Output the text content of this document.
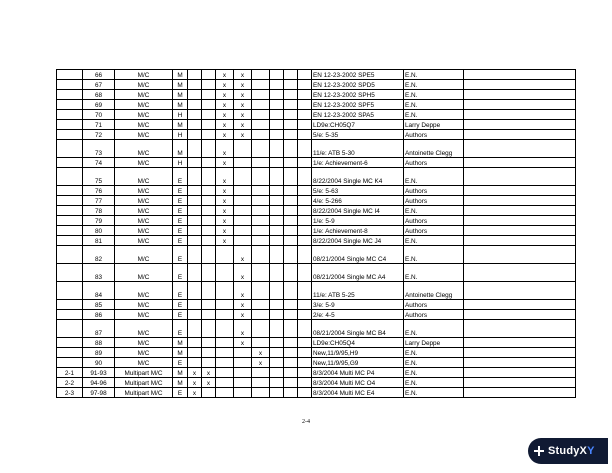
	66	M/C	M			x	x					EN 12-23-2002 SPE5	E.N.	
	67	M/C	M			x	x					EN 12-23-2002 SPD5	E.N.	
	68	M/C	M			x	x					EN 12-23-2002 SPH5	E.N.	
	69	M/C	M			x	x					EN 12-23-2002 SPF5	E.N.	
	70	M/C	H			x	x					EN 12-23-2002 SPA5	E.N.	
	71	M/C	M			x	x					LD9e:CH05Q7	Larry Deppe	
	72	M/C	H			x	x					5/e: 5-35	Authors	
	73	M/C	M			x						11/e: ATB 5-30	Antoinette Clegg	
	74	M/C	H			x						1/e: Achievement-6	Authors	
	75	M/C	E			x						8/22/2004 Single MC K4	E.N.	
	76	M/C	E			x						5/e: 5-63	Authors	
	77	M/C	E			x						4/e: 5-266	Authors	
	78	M/C	E			x						8/22/2004 Single MC I4	E.N.	
	79	M/C	E			x						1/e: 5-9	Authors	
	80	M/C	E			x						1/e: Achievement-8	Authors	
	81	M/C	E			x						8/22/2004 Single MC J4	E.N.	
	82	M/C	E				x					08/21/2004 Single MC C4	E.N.	
	83	M/C	E				x					08/21/2004 Single MC A4	E.N.	
	84	M/C	E				x					11/e: ATB 5-25	Antoinette Clegg	
	85	M/C	E				x					3/e: 5-9	Authors	
	86	M/C	E				x					2/e: 4-5	Authors	
	87	M/C	E				x					08/21/2004 Single MC B4	E.N.	
	88	M/C	M				x					LD9e:CH05Q4	Larry Deppe	
	89	M/C	M					x				New,11/9/95,H9	E.N.	
	90	M/C	E					x				New,11/9/95,G9	E.N.	
2-1	91-93	Multipart M/C	M	x	x							8/3/2004 Multi MC P4	E.N.	
2-2	94-96	Multipart M/C	M	x	x							8/3/2004 Multi MC O4	E.N.	
2-3	97-98	Multipart M/C	E	x								8/3/2004 Multi MC E4	E.N.	
2-4
StudyXY
